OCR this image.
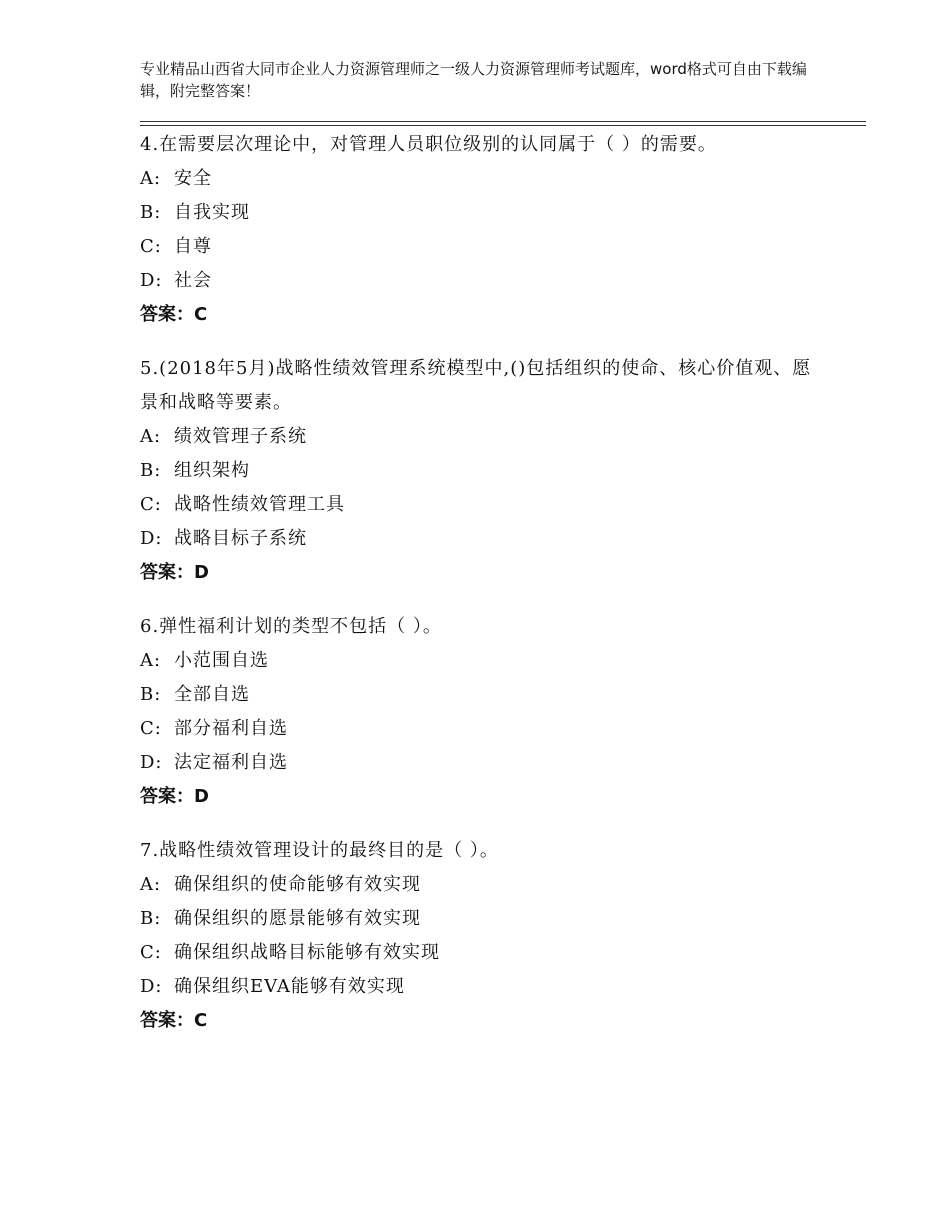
专业精品山西省大同市企业人力资源管理师之一级人力资源管理师考试题库，word格式可自由下载编辑，附完整答案！

4.在需要层次理论中，对管理人员职位级别的认同属于（ ）的需要。

A: 安全

B: 自我实现

C: 自尊

D: 社会

答案：C

5.(2018年5月)战略性绩效管理系统模型中,()包括组织的使命、核心价值观、愿景和战略等要素。

A: 绩效管理子系统

B: 组织架构

C: 战略性绩效管理工具

D: 战略目标子系统

答案：D

6.弹性福利计划的类型不包括（ ）。

A: 小范围自选

B: 全部自选

C: 部分福利自选

D: 法定福利自选

答案：D

7.战略性绩效管理设计的最终目的是（ ）。

A: 确保组织的使命能够有效实现

B: 确保组织的愿景能够有效实现

C: 确保组织战略目标能够有效实现

D: 确保组织EVA能够有效实现

答案：C
